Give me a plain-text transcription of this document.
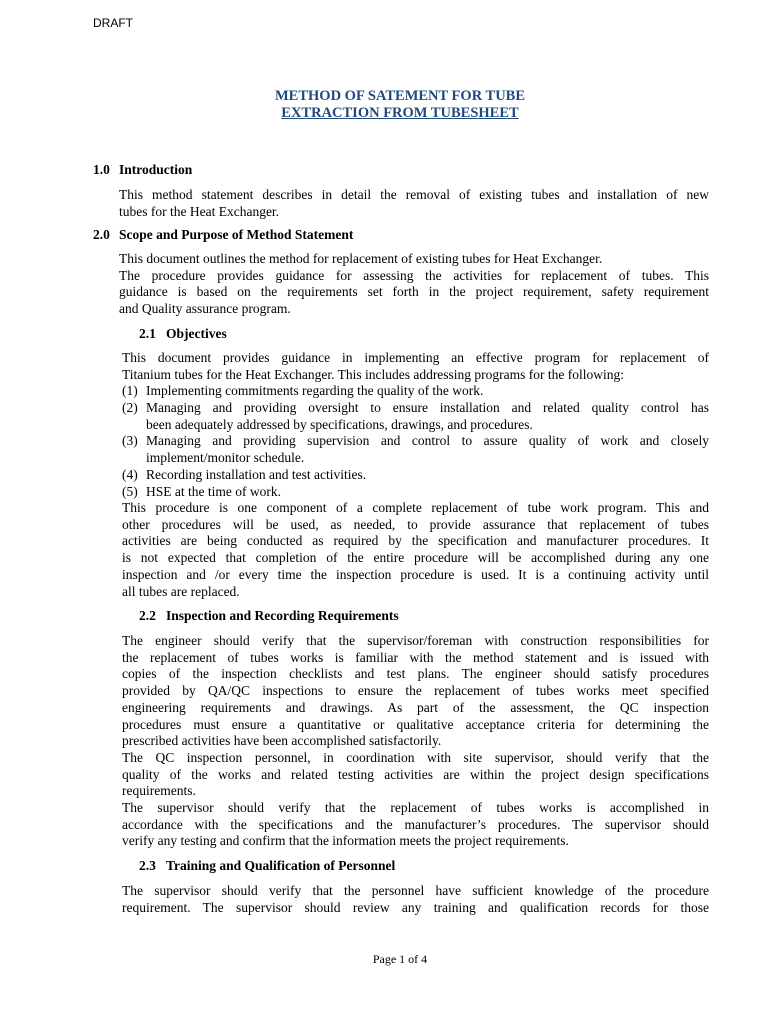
DRAFT
METHOD OF SATEMENT FOR TUBE
EXTRACTION FROM TUBESHEET
1.0 Introduction
This method statement describes in detail the removal of existing tubes and installation of new
tubes for the Heat Exchanger.
2.0 Scope and Purpose of Method Statement
This document outlines the method for replacement of existing tubes for Heat Exchanger.
The procedure provides guidance for assessing the activities for replacement of tubes. This
guidance is based on the requirements set forth in the project requirement, safety requirement
and Quality assurance program.
2.1 Objectives
This document provides guidance in implementing an effective program for replacement of
Titanium tubes for the Heat Exchanger. This includes addressing programs for the following:
(1) Implementing commitments regarding the quality of the work.
(2) Managing and providing oversight to ensure installation and related quality control has
been adequately addressed by specifications, drawings, and procedures.
(3) Managing and providing supervision and control to assure quality of work and closely
implement/monitor schedule.
(4) Recording installation and test activities.
(5) HSE at the time of work.
This procedure is one component of a complete replacement of tube work program. This and
other procedures will be used, as needed, to provide assurance that replacement of tubes
activities are being conducted as required by the specification and manufacturer procedures. It
is not expected that completion of the entire procedure will be accomplished during any one
inspection and /or every time the inspection procedure is used. It is a continuing activity until
all tubes are replaced.
2.2 Inspection and Recording Requirements
The engineer should verify that the supervisor/foreman with construction responsibilities for
the replacement of tubes works is familiar with the method statement and is issued with
copies of the inspection checklists and test plans. The engineer should satisfy procedures
provided by QA/QC inspections to ensure the replacement of tubes works meet specified
engineering requirements and drawings. As part of the assessment, the QC inspection
procedures must ensure a quantitative or qualitative acceptance criteria for determining the
prescribed activities have been accomplished satisfactorily.
The QC inspection personnel, in coordination with site supervisor, should verify that the
quality of the works and related testing activities are within the project design specifications
requirements.
The supervisor should verify that the replacement of tubes works is accomplished in
accordance with the specifications and the manufacturer’s procedures. The supervisor should
verify any testing and confirm that the information meets the project requirements.
2.3 Training and Qualification of Personnel
The supervisor should verify that the personnel have sufficient knowledge of the procedure
requirement. The supervisor should review any training and qualification records for those
Page 1 of 4
